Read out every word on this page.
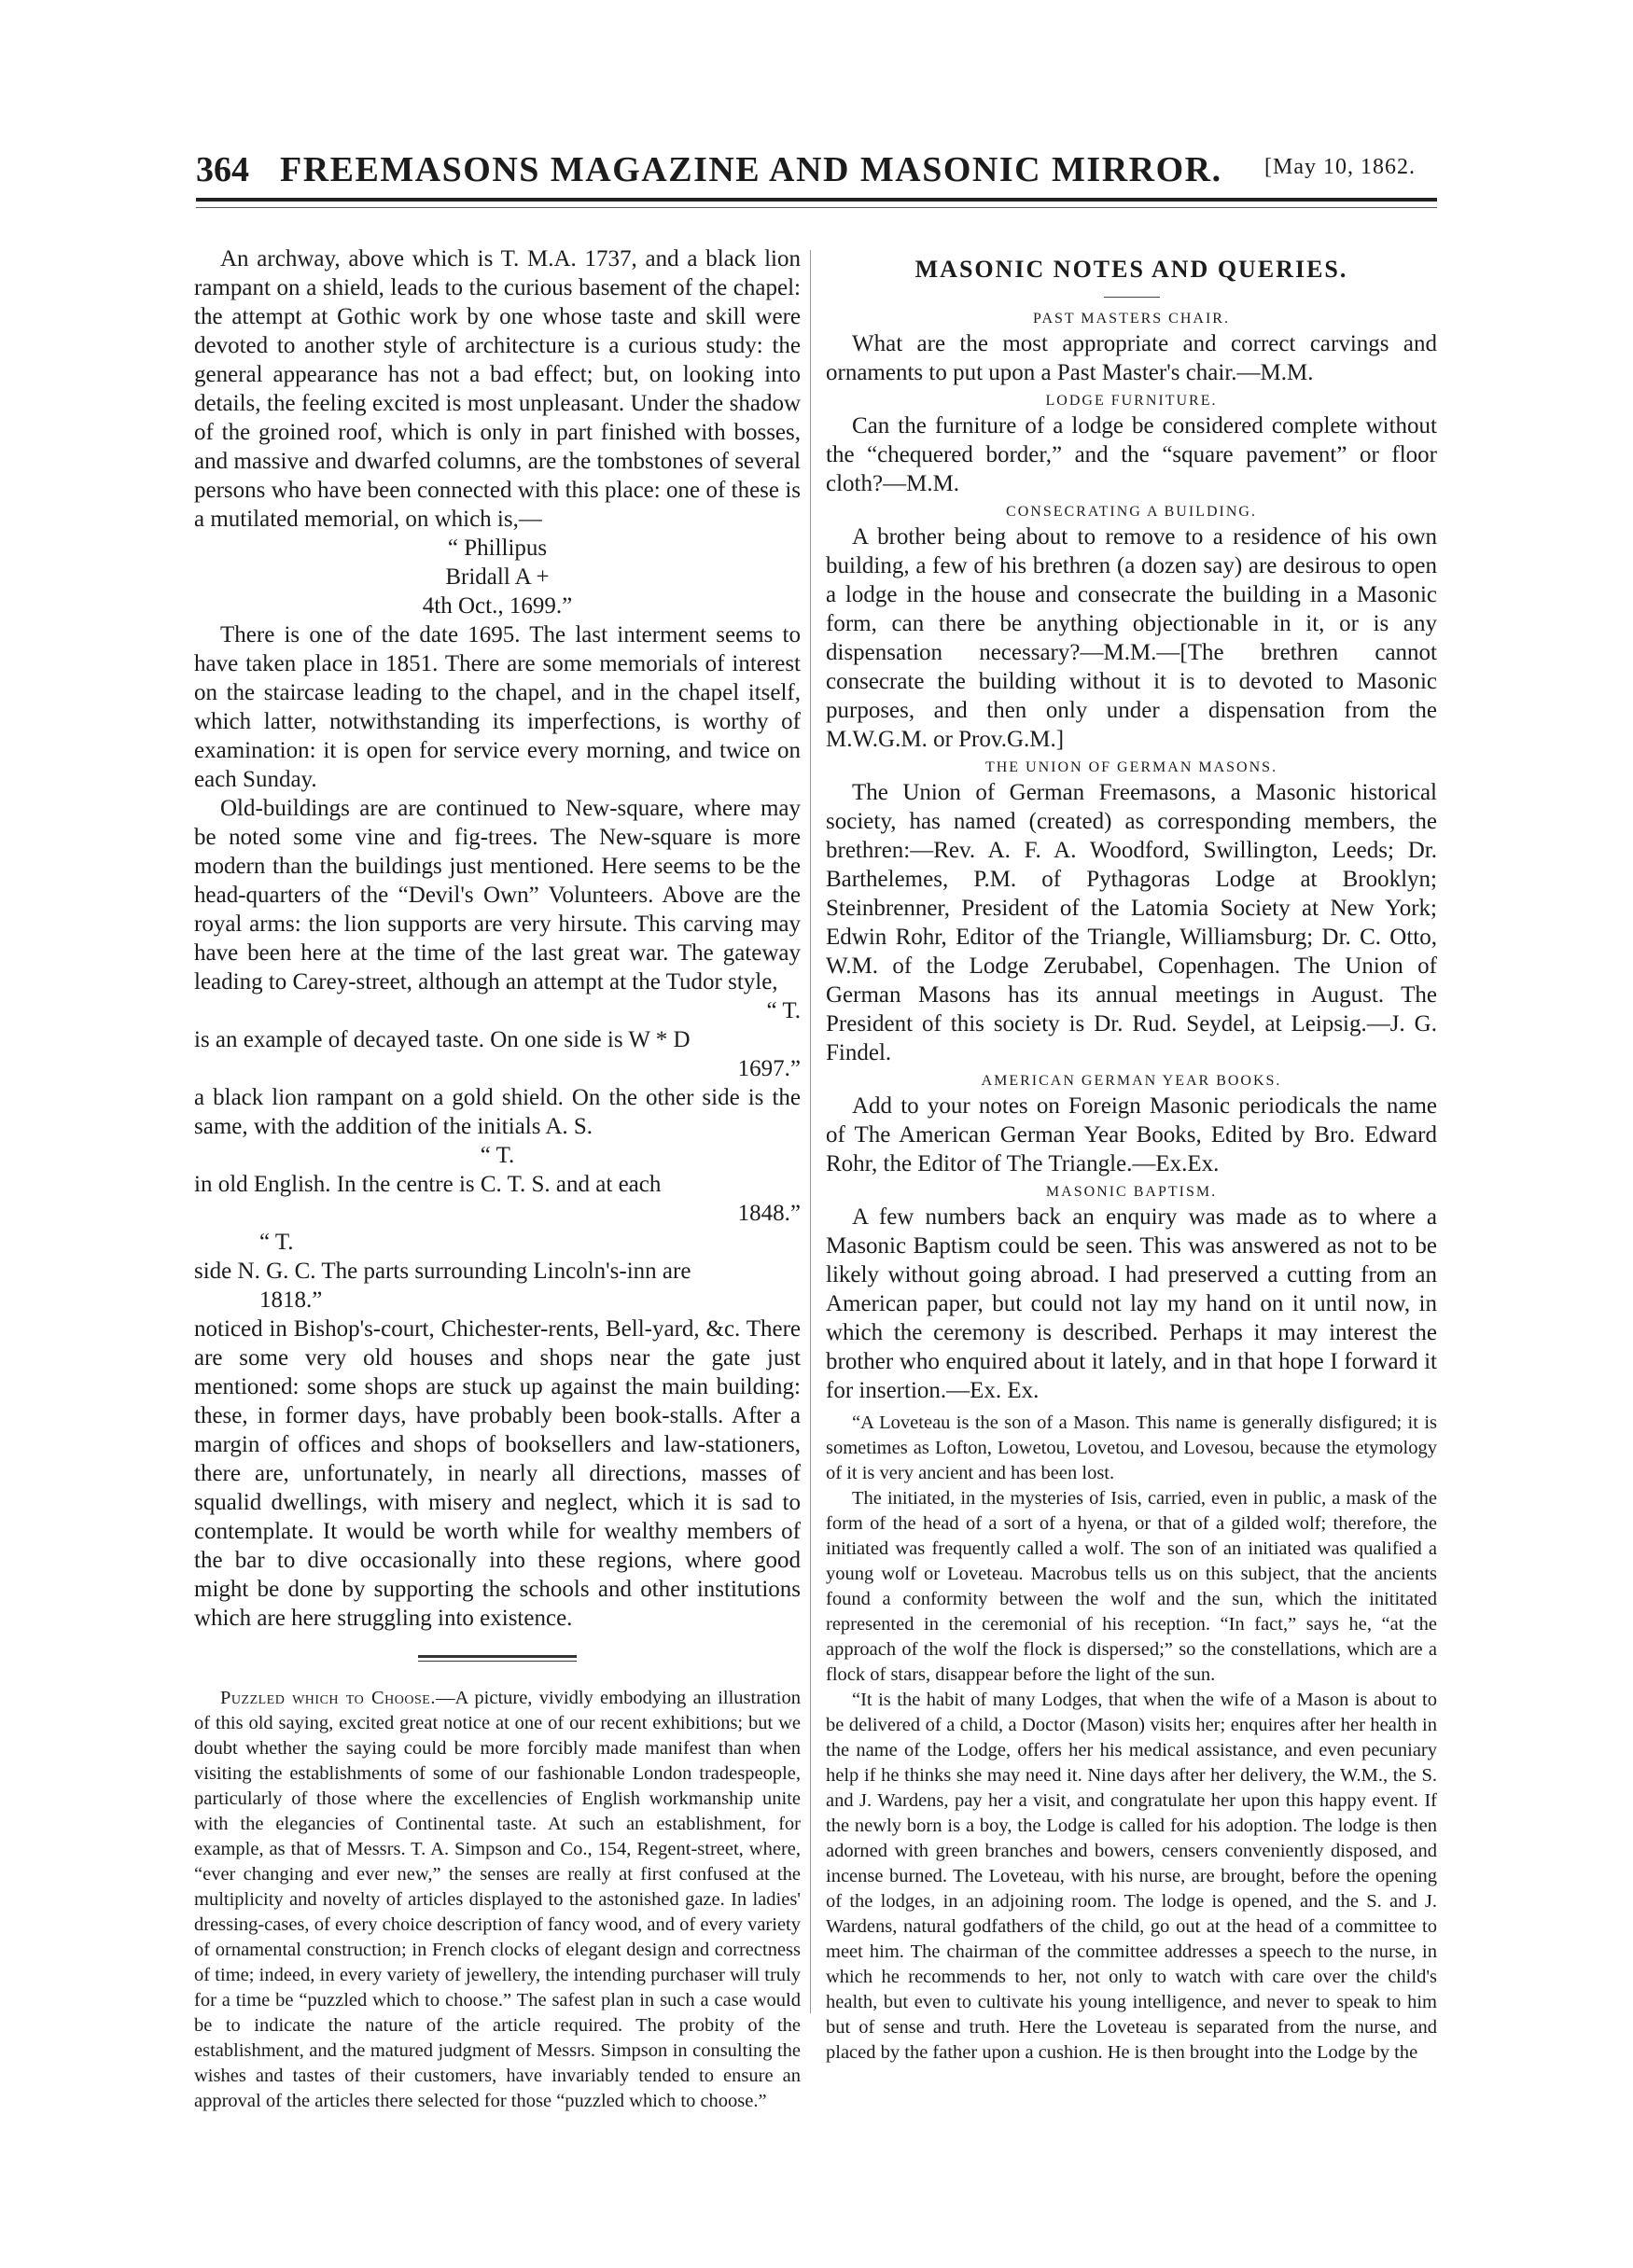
364 FREEMASONS MAGAZINE AND MASONIC MIRROR. [May 10, 1862.

An archway, above which is T. M.A. 1737, and a black lion rampant on a shield, leads to the curious basement of the chapel: the attempt at Gothic work by one whose taste and skill were devoted to another style of architecture is a curious study: the general appearance has not a bad effect; but, on looking into details, the feeling excited is most unpleasant. Under the shadow of the groined roof, which is only in part finished with bosses, and massive and dwarfed columns, are the tombstones of several persons who have been connected with this place: one of these is a mutilated memorial, on which is,—

“ Phillipus
Bridall A +
4th Oct., 1699.”

There is one of the date 1695. The last interment seems to have taken place in 1851. There are some memorials of interest on the staircase leading to the chapel, and in the chapel itself, which latter, notwithstanding its imperfections, is worthy of examination: it is open for service every morning, and twice on each Sunday.

Old-buildings are are continued to New-square, where may be noted some vine and fig-trees. The New-square is more modern than the buildings just mentioned. Here seems to be the head-quarters of the “Devil's Own” Volunteers. Above are the royal arms: the lion supports are very hirsute. This carving may have been here at the time of the last great war. The gateway leading to Carey-street, although an attempt at the Tudor style,

“ T.

is an example of decayed taste. On one side is W * D

1697.”

a black lion rampant on a gold shield. On the other side is the same, with the addition of the initials A. S.

“ T.

in old English. In the centre is C. T. S. and at each

1848.”

“ T.

side N. G. C. The parts surrounding Lincoln's-inn are

1818.”

noticed in Bishop's-court, Chichester-rents, Bell-yard, &c. There are some very old houses and shops near the gate just mentioned: some shops are stuck up against the main building: these, in former days, have probably been book-stalls. After a margin of offices and shops of booksellers and law-stationers, there are, unfortunately, in nearly all directions, masses of squalid dwellings, with misery and neglect, which it is sad to contemplate. It would be worth while for wealthy members of the bar to dive occasionally into these regions, where good might be done by supporting the schools and other institutions which are here struggling into existence.

Puzzled which to Choose.—A picture, vividly embodying an illustration of this old saying, excited great notice at one of our recent exhibitions; but we doubt whether the saying could be more forcibly made manifest than when visiting the establishments of some of our fashionable London tradespeople, particularly of those where the excellencies of English workmanship unite with the elegancies of Continental taste. At such an establishment, for example, as that of Messrs. T. A. Simpson and Co., 154, Regent-street, where, “ever changing and ever new,” the senses are really at first confused at the multiplicity and novelty of articles displayed to the astonished gaze. In ladies' dressing-cases, of every choice description of fancy wood, and of every variety of ornamental construction; in French clocks of elegant design and correctness of time; indeed, in every variety of jewellery, the intending purchaser will truly for a time be “puzzled which to choose.” The safest plan in such a case would be to indicate the nature of the article required. The probity of the establishment, and the matured judgment of Messrs. Simpson in consulting the wishes and tastes of their customers, have invariably tended to ensure an approval of the articles there selected for those “puzzled which to choose.”

MASONIC NOTES AND QUERIES.
PAST MASTERS CHAIR.

What are the most appropriate and correct carvings and ornaments to put upon a Past Master's chair.—M.M.

LODGE FURNITURE.

Can the furniture of a lodge be considered complete without the “chequered border,” and the “square pavement” or floor cloth?—M.M.

CONSECRATING A BUILDING.

A brother being about to remove to a residence of his own building, a few of his brethren (a dozen say) are desirous to open a lodge in the house and consecrate the building in a Masonic form, can there be anything objectionable in it, or is any dispensation necessary?—M.M.—[The brethren cannot consecrate the building without it is to devoted to Masonic purposes, and then only under a dispensation from the M.W.G.M. or Prov.G.M.]

THE UNION OF GERMAN MASONS.

The Union of German Freemasons, a Masonic historical society, has named (created) as corresponding members, the brethren:—Rev. A. F. A. Woodford, Swillington, Leeds; Dr. Barthelemes, P.M. of Pythagoras Lodge at Brooklyn; Steinbrenner, President of the Latomia Society at New York; Edwin Rohr, Editor of the Triangle, Williamsburg; Dr. C. Otto, W.M. of the Lodge Zerubabel, Copenhagen. The Union of German Masons has its annual meetings in August. The President of this society is Dr. Rud. Seydel, at Leipsig.—J. G. Findel.

AMERICAN GERMAN YEAR BOOKS.

Add to your notes on Foreign Masonic periodicals the name of The American German Year Books, Edited by Bro. Edward Rohr, the Editor of The Triangle.—Ex.Ex.

MASONIC BAPTISM.

A few numbers back an enquiry was made as to where a Masonic Baptism could be seen. This was answered as not to be likely without going abroad. I had preserved a cutting from an American paper, but could not lay my hand on it until now, in which the ceremony is described. Perhaps it may interest the brother who enquired about it lately, and in that hope I forward it for insertion.—Ex. Ex.

“A Loveteau is the son of a Mason. This name is generally disfigured; it is sometimes as Lofton, Lowetou, Lovetou, and Lovesou, because the etymology of it is very ancient and has been lost.

The initiated, in the mysteries of Isis, carried, even in public, a mask of the form of the head of a sort of a hyena, or that of a gilded wolf; therefore, the initiated was frequently called a wolf. The son of an initiated was qualified a young wolf or Loveteau. Macrobus tells us on this subject, that the ancients found a conformity between the wolf and the sun, which the inititated represented in the ceremonial of his reception. “In fact,” says he, “at the approach of the wolf the flock is dispersed;” so the constellations, which are a flock of stars, disappear before the light of the sun.

“It is the habit of many Lodges, that when the wife of a Mason is about to be delivered of a child, a Doctor (Mason) visits her; enquires after her health in the name of the Lodge, offers her his medical assistance, and even pecuniary help if he thinks she may need it. Nine days after her delivery, the W.M., the S. and J. Wardens, pay her a visit, and congratulate her upon this happy event. If the newly born is a boy, the Lodge is called for his adoption. The lodge is then adorned with green branches and bowers, censers conveniently disposed, and incense burned. The Loveteau, with his nurse, are brought, before the opening of the lodges, in an adjoining room. The lodge is opened, and the S. and J. Wardens, natural godfathers of the child, go out at the head of a committee to meet him. The chairman of the committee addresses a speech to the nurse, in which he recommends to her, not only to watch with care over the child's health, but even to cultivate his young intelligence, and never to speak to him but of sense and truth. Here the Loveteau is separated from the nurse, and placed by the father upon a cushion. He is then brought into the Lodge by the
